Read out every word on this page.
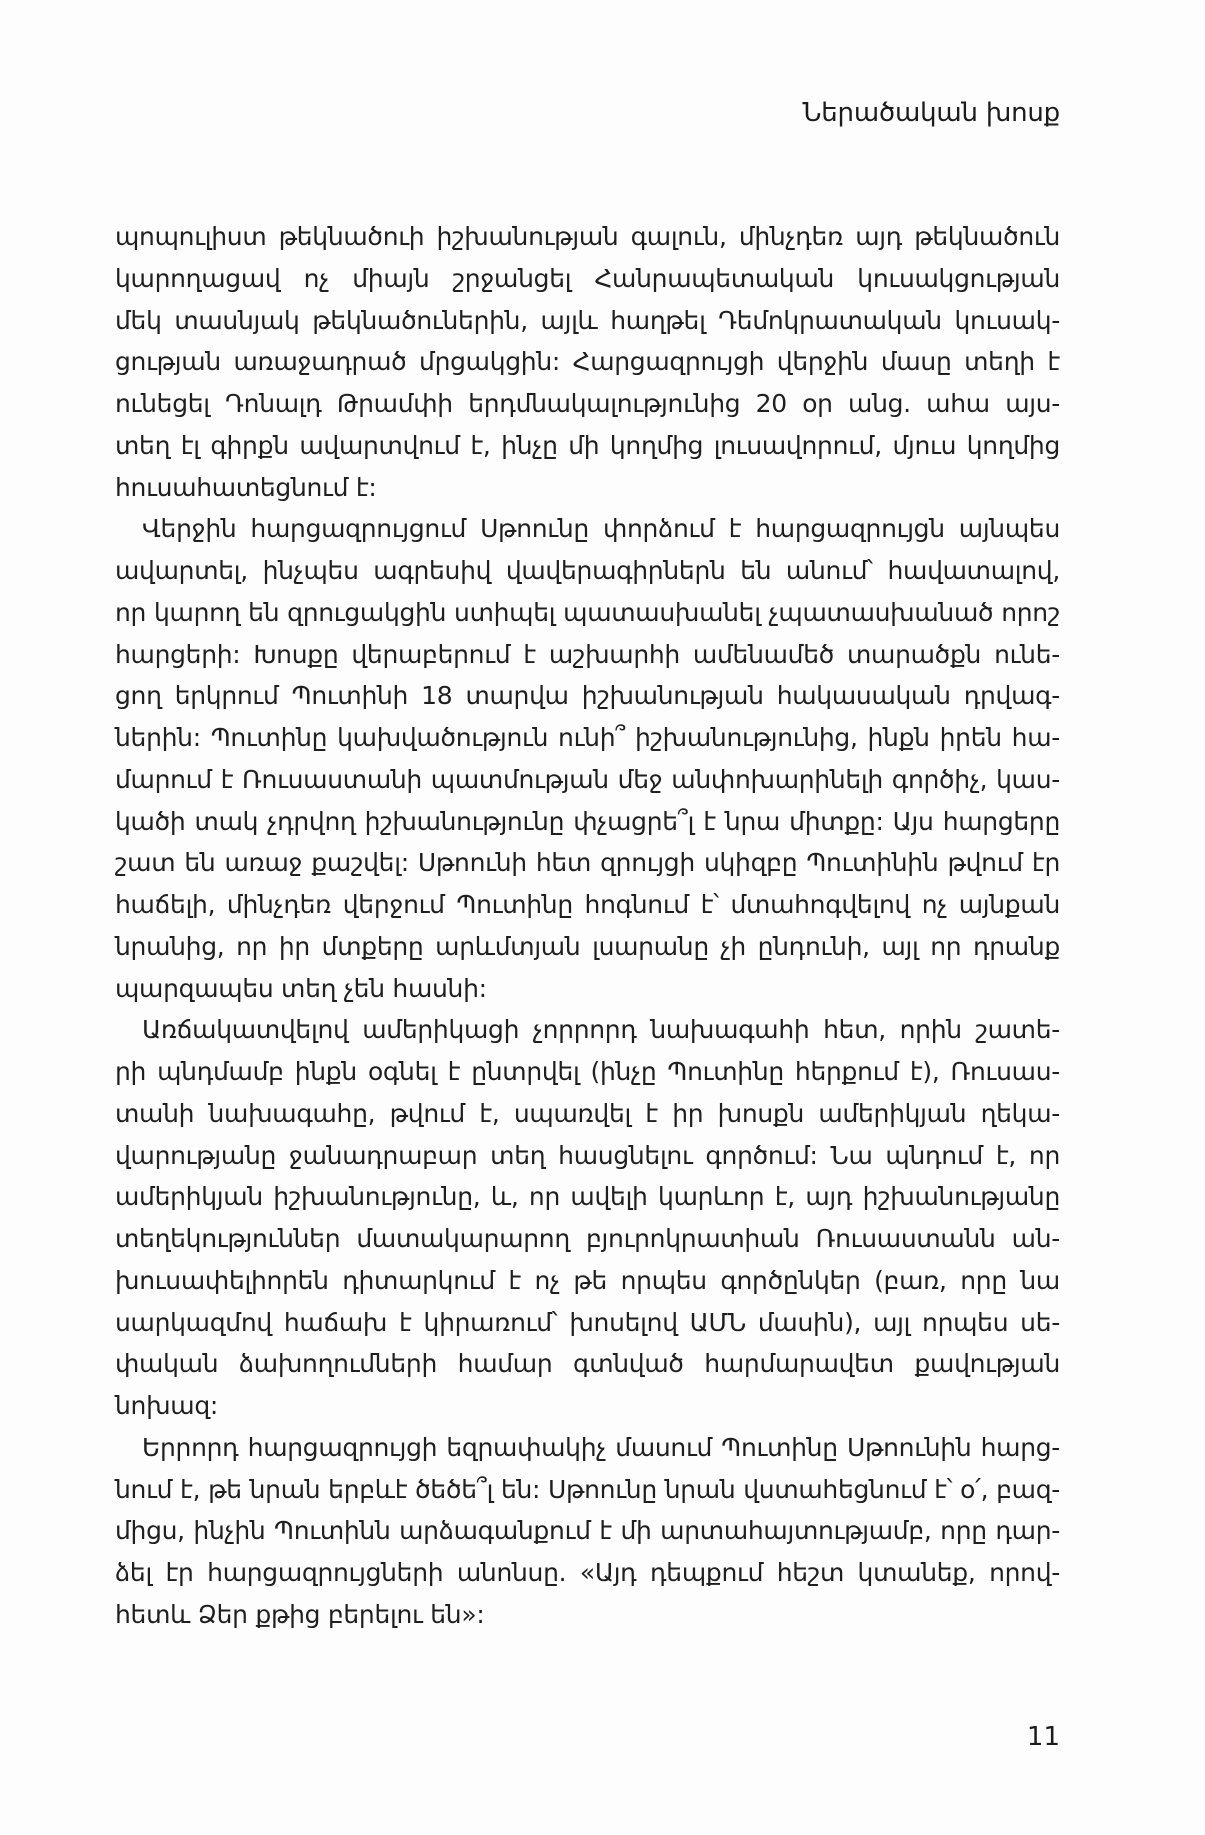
Ներածական խոսք
պոպուլիստ թեկնածուի իշխանության գալուն, մինչդեռ այդ թեկնածուն
կարողացավ ոչ միայն շրջանցել Հանրապետական կուսակցության
մեկ տասնյակ թեկնածուներին, այլև հաղթել Դեմոկրատական կուսակ-
ցության առաջադրած մրցակցին: Հարցազրույցի վերջին մասը տեղի է
ունեցել Դոնալդ Թրամփի երդմնակալությունից 20 օր անց. ահա այս-
տեղ էլ գիրքն ավարտվում է, ինչը մի կողմից լուսավորում, մյուս կողմից
հուսահատեցնում է:
Վերջին հարցազրույցում Սթոունը փորձում է հարցազրույցն այնպես
ավարտել, ինչպես ագրեսիվ վավերագիրներն են անում՝ հավատալով,
որ կարող են զրուցակցին ստիպել պատասխանել չպատասխանած որոշ
հարցերի: Խոսքը վերաբերում է աշխարհի ամենամեծ տարածքն ունե-
ցող երկրում Պուտինի 18 տարվա իշխանության հակասական դրվագ-
ներին: Պուտինը կախվածություն ունի՞ իշխանությունից, ինքն իրեն հա-
մարում է Ռուսաստանի պատմության մեջ անփոխարինելի գործիչ, կաս-
կածի տակ չդրվող իշխանությունը փչացրե՞լ է նրա միտքը: Այս հարցերը
շատ են առաջ քաշվել: Սթոունի հետ զրույցի սկիզբը Պուտինին թվում էր
հաճելի, մինչդեռ վերջում Պուտինը հոգնում է՝ մտահոգվելով ոչ այնքան
նրանից, որ իր մտքերը արևմտյան լսարանը չի ընդունի, այլ որ դրանք
պարզապես տեղ չեն հասնի:
Առճակատվելով ամերիկացի չորրորդ նախագահի հետ, որին շատե-
րի պնդմամբ ինքն օգնել է ընտրվել (ինչը Պուտինը հերքում է), Ռուսաս-
տանի նախագահը, թվում է, սպառվել է իր խոսքն ամերիկյան ղեկա-
վարությանը ջանադրաբար տեղ հասցնելու գործում: Նա պնդում է, որ
ամերիկյան իշխանությունը, և, որ ավելի կարևոր է, այդ իշխանությանը
տեղեկություններ մատակարարող բյուրոկրատիան Ռուսաստանն ան-
խուսափելիորեն դիտարկում է ոչ թե որպես գործընկեր (բառ, որը նա
սարկազմով հաճախ է կիրառում՝ խոսելով ԱՄՆ մասին), այլ որպես սե-
փական ձախողումների համար գտնված հարմարավետ քավության
նոխազ:
Երրորդ հարցազրույցի եզրափակիչ մասում Պուտինը Սթոունին հարց-
նում է, թե նրան երբևէ ծեծե՞լ են: Սթոունը նրան վստահեցնում է՝ օ՛, բազ-
միցս, ինչին Պուտինն արձագանքում է մի արտահայտությամբ, որը դար-
ձել էր հարցազրույցների անոնսը. «Այդ դեպքում հեշտ կտանեք, որով-
հետև Ձեր քթից բերելու են»:
11
